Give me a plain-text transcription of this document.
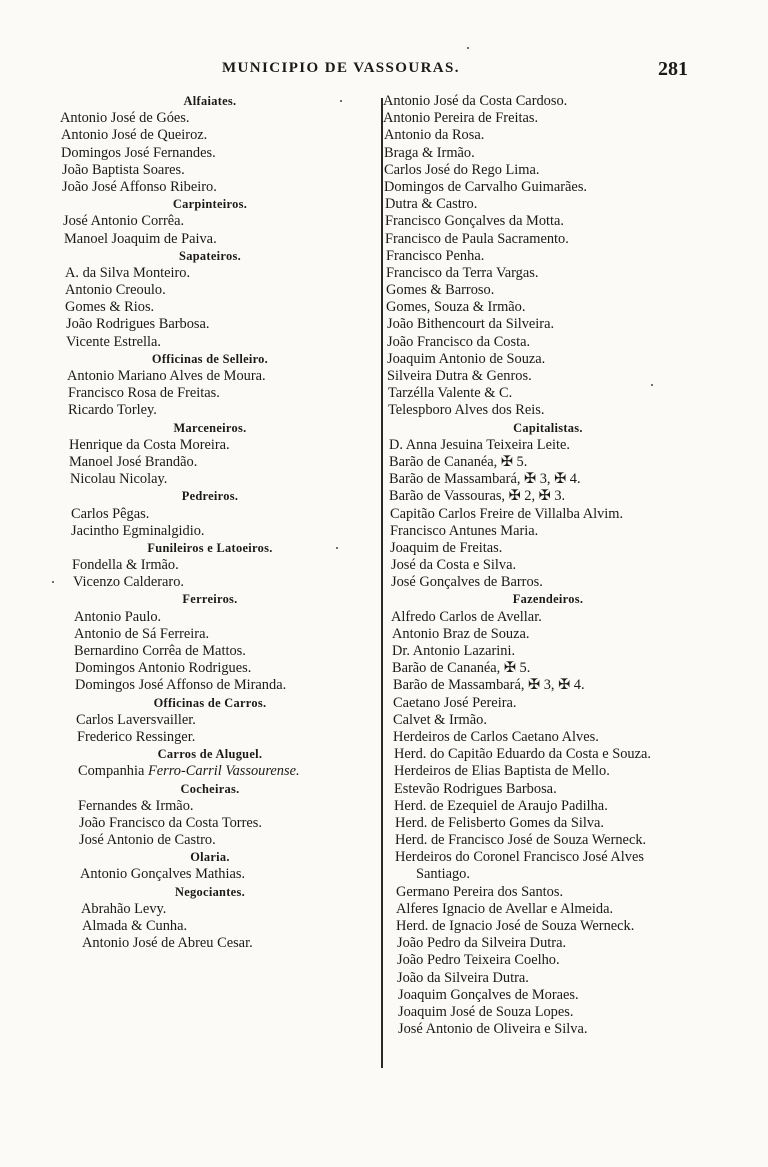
MUNICIPIO DE VASSOURAS.	281
Alfaiates.
Antonio José de Góes.
Antonio José de Queiroz.
Domingos José Fernandes.
João Baptista Soares.
João José Affonso Ribeiro.
Carpinteiros.
José Antonio Corrêa.
Manoel Joaquim de Paiva.
Sapateiros.
A. da Silva Monteiro.
Antonio Creoulo.
Gomes & Rios.
João Rodrigues Barbosa.
Vicente Estrella.
Officinas de Selleiro.
Antonio Mariano Alves de Moura.
Francisco Rosa de Freitas.
Ricardo Torley.
Marceneiros.
Henrique da Costa Moreira.
Manoel José Brandão.
Nicolau Nicolay.
Pedreiros.
Carlos Pêgas.
Jacintho Egminalgidio.
Funileiros e Latoeiros.
Fondella & Irmão.
Vicenzo Calderaro.
Ferreiros.
Antonio Paulo.
Antonio de Sá Ferreira.
Bernardino Corrêa de Mattos.
Domingos Antonio Rodrigues.
Domingos José Affonso de Miranda.
Officinas de Carros.
Carlos Laversvailler.
Frederico Ressinger.
Carros de Aluguel.
Companhia Ferro-Carril Vassourense.
Cocheiras.
Fernandes & Irmão.
João Francisco da Costa Torres.
José Antonio de Castro.
Olaria.
Antonio Gonçalves Mathias.
Negociantes.
Abrahão Levy.
Almada & Cunha.
Antonio José de Abreu Cesar.
Antonio José da Costa Cardoso.
Antonio Pereira de Freitas.
Antonio da Rosa.
Braga & Irmão.
Carlos José do Rego Lima.
Domingos de Carvalho Guimarães.
Dutra & Castro.
Francisco Gonçalves da Motta.
Francisco de Paula Sacramento.
Francisco Penha.
Francisco da Terra Vargas.
Gomes & Barroso.
Gomes, Souza & Irmão.
João Bithencourt da Silveira.
João Francisco da Costa.
Joaquim Antonio de Souza.
Silveira Dutra & Genros.
Tarzélla Valente & C.
Telespboro Alves dos Reis.
Capitalistas.
D. Anna Jesuina Teixeira Leite.
Barão de Cananéa, ✠ 5.
Barão de Massambará, ✠ 3, ✠ 4.
Barão de Vassouras, ✠ 2, ✠ 3.
Capitão Carlos Freire de Villalba Alvim.
Francisco Antunes Maria.
Joaquim de Freitas.
José da Costa e Silva.
José Gonçalves de Barros.
Fazendeiros.
Alfredo Carlos de Avellar.
Antonio Braz de Souza.
Dr. Antonio Lazarini.
Barão de Cananéa, ✠ 5.
Barão de Massambará, ✠ 3, ✠ 4.
Caetano José Pereira.
Calvet & Irmão.
Herdeiros de Carlos Caetano Alves.
Herd. do Capitão Eduardo da Costa e Souza.
Herdeiros de Elias Baptista de Mello.
Estevão Rodrigues Barbosa.
Herd. de Ezequiel de Araujo Padilha.
Herd. de Felisberto Gomes da Silva.
Herd. de Francisco José de Souza Werneck.
Herdeiros do Coronel Francisco José Alves
Santiago.
Germano Pereira dos Santos.
Alferes Ignacio de Avellar e Almeida.
Herd. de Ignacio José de Souza Werneck.
João Pedro da Silveira Dutra.
João Pedro Teixeira Coelho.
João da Silveira Dutra.
Joaquim Gonçalves de Moraes.
Joaquim José de Souza Lopes.
José Antonio de Oliveira e Silva.
